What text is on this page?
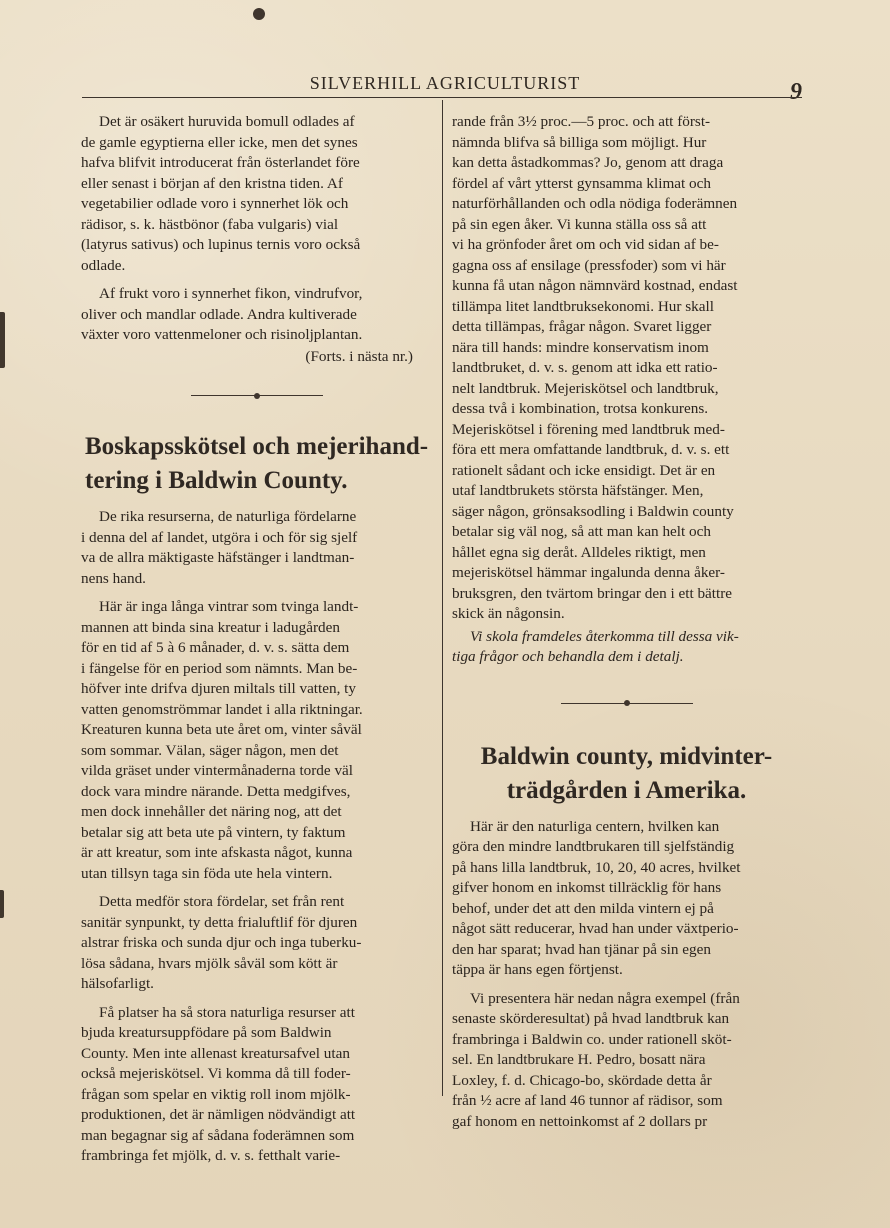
SILVERHILL AGRICULTURIST	9

Det är osäkert huruvida bomull odlades af
de gamle egyptierna eller icke, men det synes
hafva blifvit introducerat från österlandet före
eller senast i början af den kristna tiden. Af
vegetabilier odlade voro i synnerhet lök och
rädisor, s. k. hästbönor (faba vulgaris) vial
(latyrus sativus) och lupinus ternis voro också
odlade.

Af frukt voro i synnerhet fikon, vindrufvor,
oliver och mandlar odlade. Andra kultiverade
växter voro vattenmeloner och risinoljplantan.

(Forts. i nästa nr.)

Boskapsskötsel och mejerihand-
tering i Baldwin County.

De rika resurserna, de naturliga fördelarne
i denna del af landet, utgöra i och för sig sjelf
va de allra mäktigaste häfstänger i landtman-
nens hand.

Här är inga långa vintrar som tvinga landt-
mannen att binda sina kreatur i ladugården
för en tid af 5 à 6 månader, d. v. s. sätta dem
i fängelse för en period som nämnts. Man be-
höfver inte drifva djuren miltals till vatten, ty
vatten genomströmmar landet i alla riktningar.
Kreaturen kunna beta ute året om, vinter såväl
som sommar. Välan, säger någon, men det
vilda gräset under vintermånaderna torde väl
dock vara mindre närande. Detta medgifves,
men dock innehåller det näring nog, att det
betalar sig att beta ute på vintern, ty faktum
är att kreatur, som inte afskasta något, kunna
utan tillsyn taga sin föda ute hela vintern.

Detta medför stora fördelar, set från rent
sanitär synpunkt, ty detta frialuftlif för djuren
alstrar friska och sunda djur och inga tuberku-
lösa sådana, hvars mjölk såväl som kött är
hälsofarligt.

Få platser ha så stora naturliga resurser att
bjuda kreatursuppfödare på som Baldwin
County. Men inte allenast kreatursafvel utan
också mejeriskötsel. Vi komma då till foder-
frågan som spelar en viktig roll inom mjölk-
produktionen, det är nämligen nödvändigt att
man begagnar sig af sådana foderämnen som
frambringa fet mjölk, d. v. s. fetthalt varie-

rande från 3½ proc.—5 proc. och att först-
nämnda blifva så billiga som möjligt. Hur
kan detta åstadkommas? Jo, genom att draga
fördel af vårt ytterst gynsamma klimat och
naturförhållanden och odla nödiga foderämnen
på sin egen åker. Vi kunna ställa oss så att
vi ha grönfoder året om och vid sidan af be-
gagna oss af ensilage (pressfoder) som vi här
kunna få utan någon nämnvärd kostnad, endast
tillämpa litet landtbruksekonomi. Hur skall
detta tillämpas, frågar någon. Svaret ligger
nära till hands: mindre konservatism inom
landtbruket, d. v. s. genom att idka ett ratio-
nelt landtbruk. Mejeriskötsel och landtbruk,
dessa två i kombination, trotsa konkurens.
Mejeriskötsel i förening med landtbruk med-
föra ett mera omfattande landtbruk, d. v. s. ett
rationelt sådant och icke ensidigt. Det är en
utaf landtbrukets största häfstänger. Men,
säger någon, grönsaksodling i Baldwin county
betalar sig väl nog, så att man kan helt och
hållet egna sig deråt. Alldeles riktigt, men
mejeriskötsel hämmar ingalunda denna åker-
bruksgren, den tvärtom bringar den i ett bättre
skick än någonsin.

Vi skola framdeles återkomma till dessa vik-
tiga frågor och behandla dem i detalj.

Baldwin county, midvinter-
trädgården i Amerika.

Här är den naturliga centern, hvilken kan
göra den mindre landtbrukaren till sjelfständig
på hans lilla landtbruk, 10, 20, 40 acres, hvilket
gifver honom en inkomst tillräcklig för hans
behof, under det att den milda vintern ej på
något sätt reducerar, hvad han under växtperio-
den har sparat; hvad han tjänar på sin egen
täppa är hans egen förtjenst.

Vi presentera här nedan några exempel (från
senaste skörderesultat) på hvad landtbruk kan
frambringa i Baldwin co. under rationell sköt-
sel. En landtbrukare H. Pedro, bosatt nära
Loxley, f. d. Chicago-bo, skördade detta år
från ½ acre af land 46 tunnor af rädisor, som
gaf honom en nettoinkomst af 2 dollars pr
